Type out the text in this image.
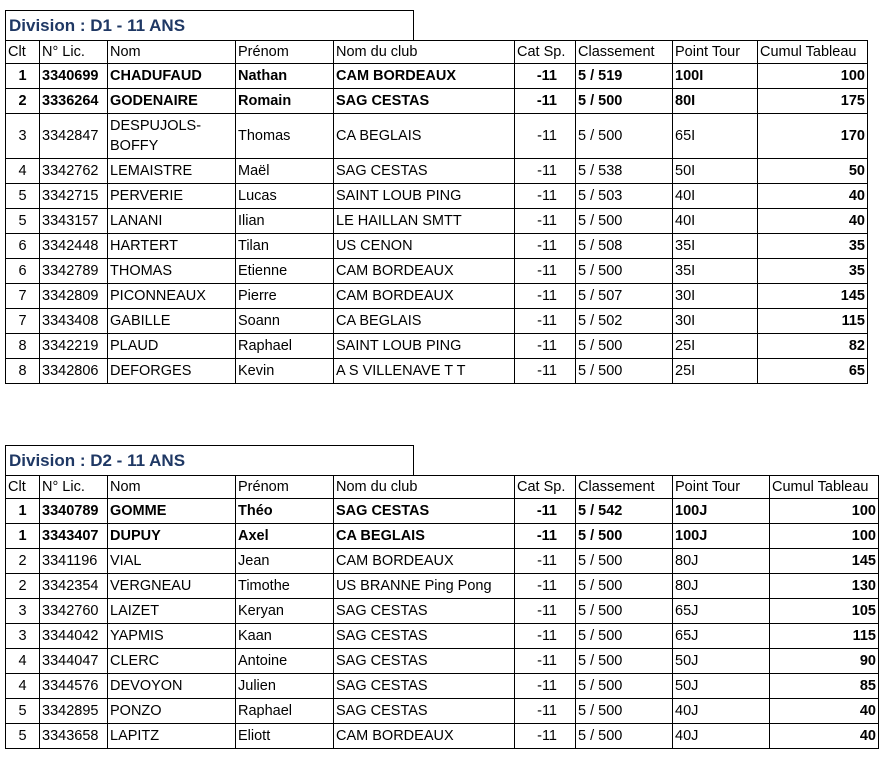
Division : D1 - 11 ANS
Clt	N° Lic.	Nom	Prénom	Nom du club	Cat Sp.	Classement	Point Tour	Cumul Tableau
1	3340699	CHADUFAUD	Nathan	CAM BORDEAUX	-11	5 / 519	100I	100
2	3336264	GODENAIRE	Romain	SAG CESTAS	-11	5 / 500	80I	175
3	3342847	DESPUJOLS-BOFFY	Thomas	CA BEGLAIS	-11	5 / 500	65I	170
4	3342762	LEMAISTRE	Maël	SAG CESTAS	-11	5 / 538	50I	50
5	3342715	PERVERIE	Lucas	SAINT LOUB PING	-11	5 / 503	40I	40
5	3343157	LANANI	Ilian	LE HAILLAN SMTT	-11	5 / 500	40I	40
6	3342448	HARTERT	Tilan	US CENON	-11	5 / 508	35I	35
6	3342789	THOMAS	Etienne	CAM BORDEAUX	-11	5 / 500	35I	35
7	3342809	PICONNEAUX	Pierre	CAM BORDEAUX	-11	5 / 507	30I	145
7	3343408	GABILLE	Soann	CA BEGLAIS	-11	5 / 502	30I	115
8	3342219	PLAUD	Raphael	SAINT LOUB PING	-11	5 / 500	25I	82
8	3342806	DEFORGES	Kevin	A S VILLENAVE T T	-11	5 / 500	25I	65
Division : D2 - 11 ANS
Clt	N° Lic.	Nom	Prénom	Nom du club	Cat Sp.	Classement	Point Tour	Cumul Tableau
1	3340789	GOMME	Théo	SAG CESTAS	-11	5 / 542	100J	100
1	3343407	DUPUY	Axel	CA BEGLAIS	-11	5 / 500	100J	100
2	3341196	VIAL	Jean	CAM BORDEAUX	-11	5 / 500	80J	145
2	3342354	VERGNEAU	Timothe	US BRANNE Ping Pong	-11	5 / 500	80J	130
3	3342760	LAIZET	Keryan	SAG CESTAS	-11	5 / 500	65J	105
3	3344042	YAPMIS	Kaan	SAG CESTAS	-11	5 / 500	65J	115
4	3344047	CLERC	Antoine	SAG CESTAS	-11	5 / 500	50J	90
4	3344576	DEVOYON	Julien	SAG CESTAS	-11	5 / 500	50J	85
5	3342895	PONZO	Raphael	SAG CESTAS	-11	5 / 500	40J	40
5	3343658	LAPITZ	Eliott	CAM BORDEAUX	-11	5 / 500	40J	40
